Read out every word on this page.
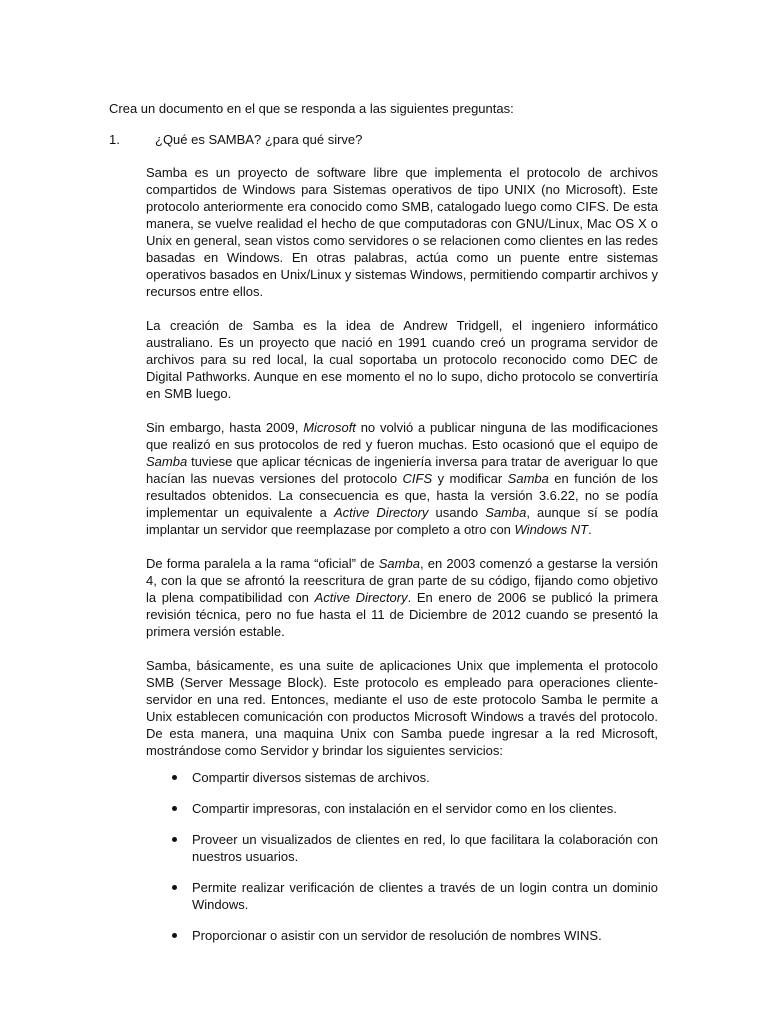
Crea un documento en el que se responda a las siguientes preguntas:
1.	¿Qué es SAMBA? ¿para qué sirve?

Samba es un proyecto de software libre que implementa el protocolo de archivos compartidos de Windows para Sistemas operativos de tipo UNIX (no Microsoft). Este protocolo anteriormente era conocido como SMB, catalogado luego como CIFS. De esta manera, se vuelve realidad el hecho de que computadoras con GNU/Linux, Mac OS X o Unix en general, sean vistos como servidores o se relacionen como clientes en las redes basadas en Windows. En otras palabras, actúa como un puente entre sistemas operativos basados en Unix/Linux y sistemas Windows, permitiendo compartir archivos y recursos entre ellos.

La creación de Samba es la idea de Andrew Tridgell, el ingeniero informático australiano. Es un proyecto que nació en 1991 cuando creó un programa servidor de archivos para su red local, la cual soportaba un protocolo reconocido como DEC de Digital Pathworks. Aunque en ese momento el no lo supo, dicho protocolo se convertiría en SMB luego.

Sin embargo, hasta 2009, Microsoft no volvió a publicar ninguna de las modificaciones que realizó en sus protocolos de red y fueron muchas. Esto ocasionó que el equipo de Samba tuviese que aplicar técnicas de ingeniería inversa para tratar de averiguar lo que hacían las nuevas versiones del protocolo CIFS y modificar Samba en función de los resultados obtenidos. La consecuencia es que, hasta la versión 3.6.22, no se podía implementar un equivalente a Active Directory usando Samba, aunque sí se podía implantar un servidor que reemplazase por completo a otro con Windows NT.

De forma paralela a la rama “oficial” de Samba, en 2003 comenzó a gestarse la versión 4, con la que se afrontó la reescritura de gran parte de su código, fijando como objetivo la plena compatibilidad con Active Directory. En enero de 2006 se publicó la primera revisión técnica, pero no fue hasta el 11 de Diciembre de 2012 cuando se presentó la primera versión estable.

Samba, básicamente, es una suite de aplicaciones Unix que implementa el protocolo SMB (Server Message Block). Este protocolo es empleado para operaciones cliente-servidor en una red. Entonces, mediante el uso de este protocolo Samba le permite a Unix establecen comunicación con productos Microsoft Windows a través del protocolo. De esta manera, una maquina Unix con Samba puede ingresar a la red Microsoft, mostrándose como Servidor y brindar los siguientes servicios:

Compartir diversos sistemas de archivos.
Compartir impresoras, con instalación en el servidor como en los clientes.
Proveer un visualizados de clientes en red, lo que facilitara la colaboración con nuestros usuarios.
Permite realizar verificación de clientes a través de un login contra un dominio Windows.
Proporcionar o asistir con un servidor de resolución de nombres WINS.
